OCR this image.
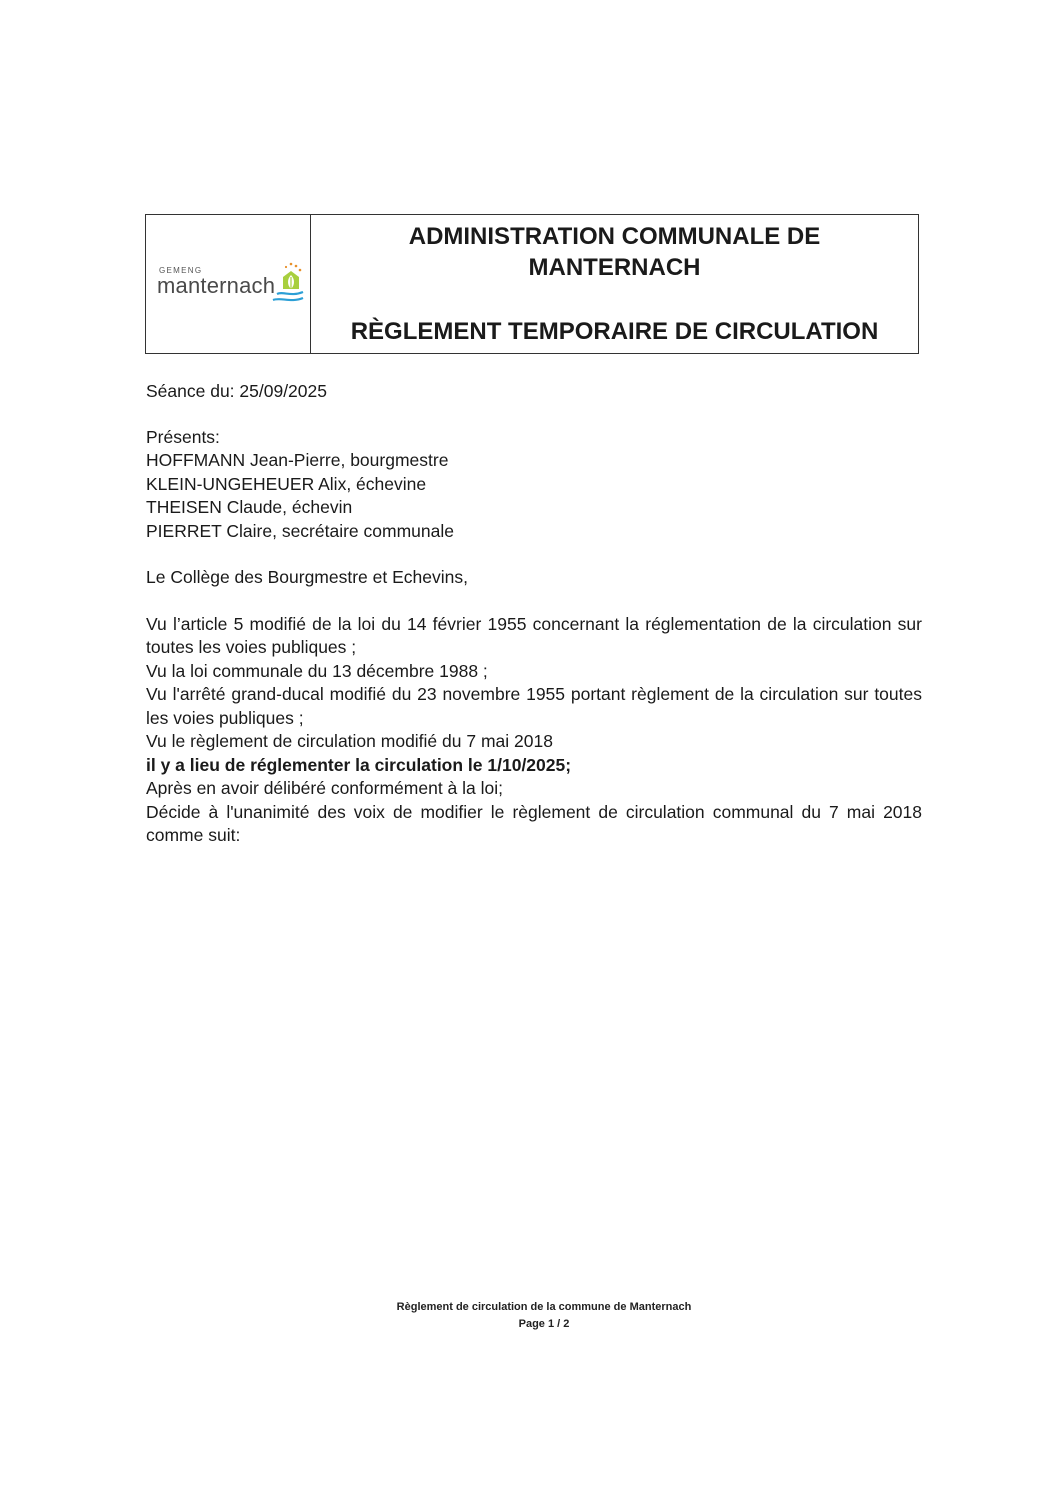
GEMENG
manternach
ADMINISTRATION COMMUNALE DE
MANTERNACH
RÈGLEMENT TEMPORAIRE DE CIRCULATION

Séance du: 25/09/2025

Présents:

HOFFMANN Jean-Pierre, bourgmestre

KLEIN-UNGEHEUER Alix, échevine

THEISEN Claude, échevin

PIERRET Claire, secrétaire communale

Le Collège des Bourgmestre et Echevins,

Vu l’article 5 modifié de la loi du 14 février 1955 concernant la réglementation de la circulation sur toutes les voies publiques ;

Vu la loi communale du 13 décembre 1988 ;

Vu l'arrêté grand-ducal modifié du 23 novembre 1955 portant règlement de la circulation sur toutes les voies publiques ;

Vu le règlement de circulation modifié du 7 mai 2018

il y a lieu de réglementer la circulation le 1/10/2025;

Après en avoir délibéré conformément à la loi;

Décide à l'unanimité des voix de modifier le règlement de circulation communal du 7 mai 2018 comme suit:

Règlement de circulation de la commune de Manternach
Page 1 / 2
